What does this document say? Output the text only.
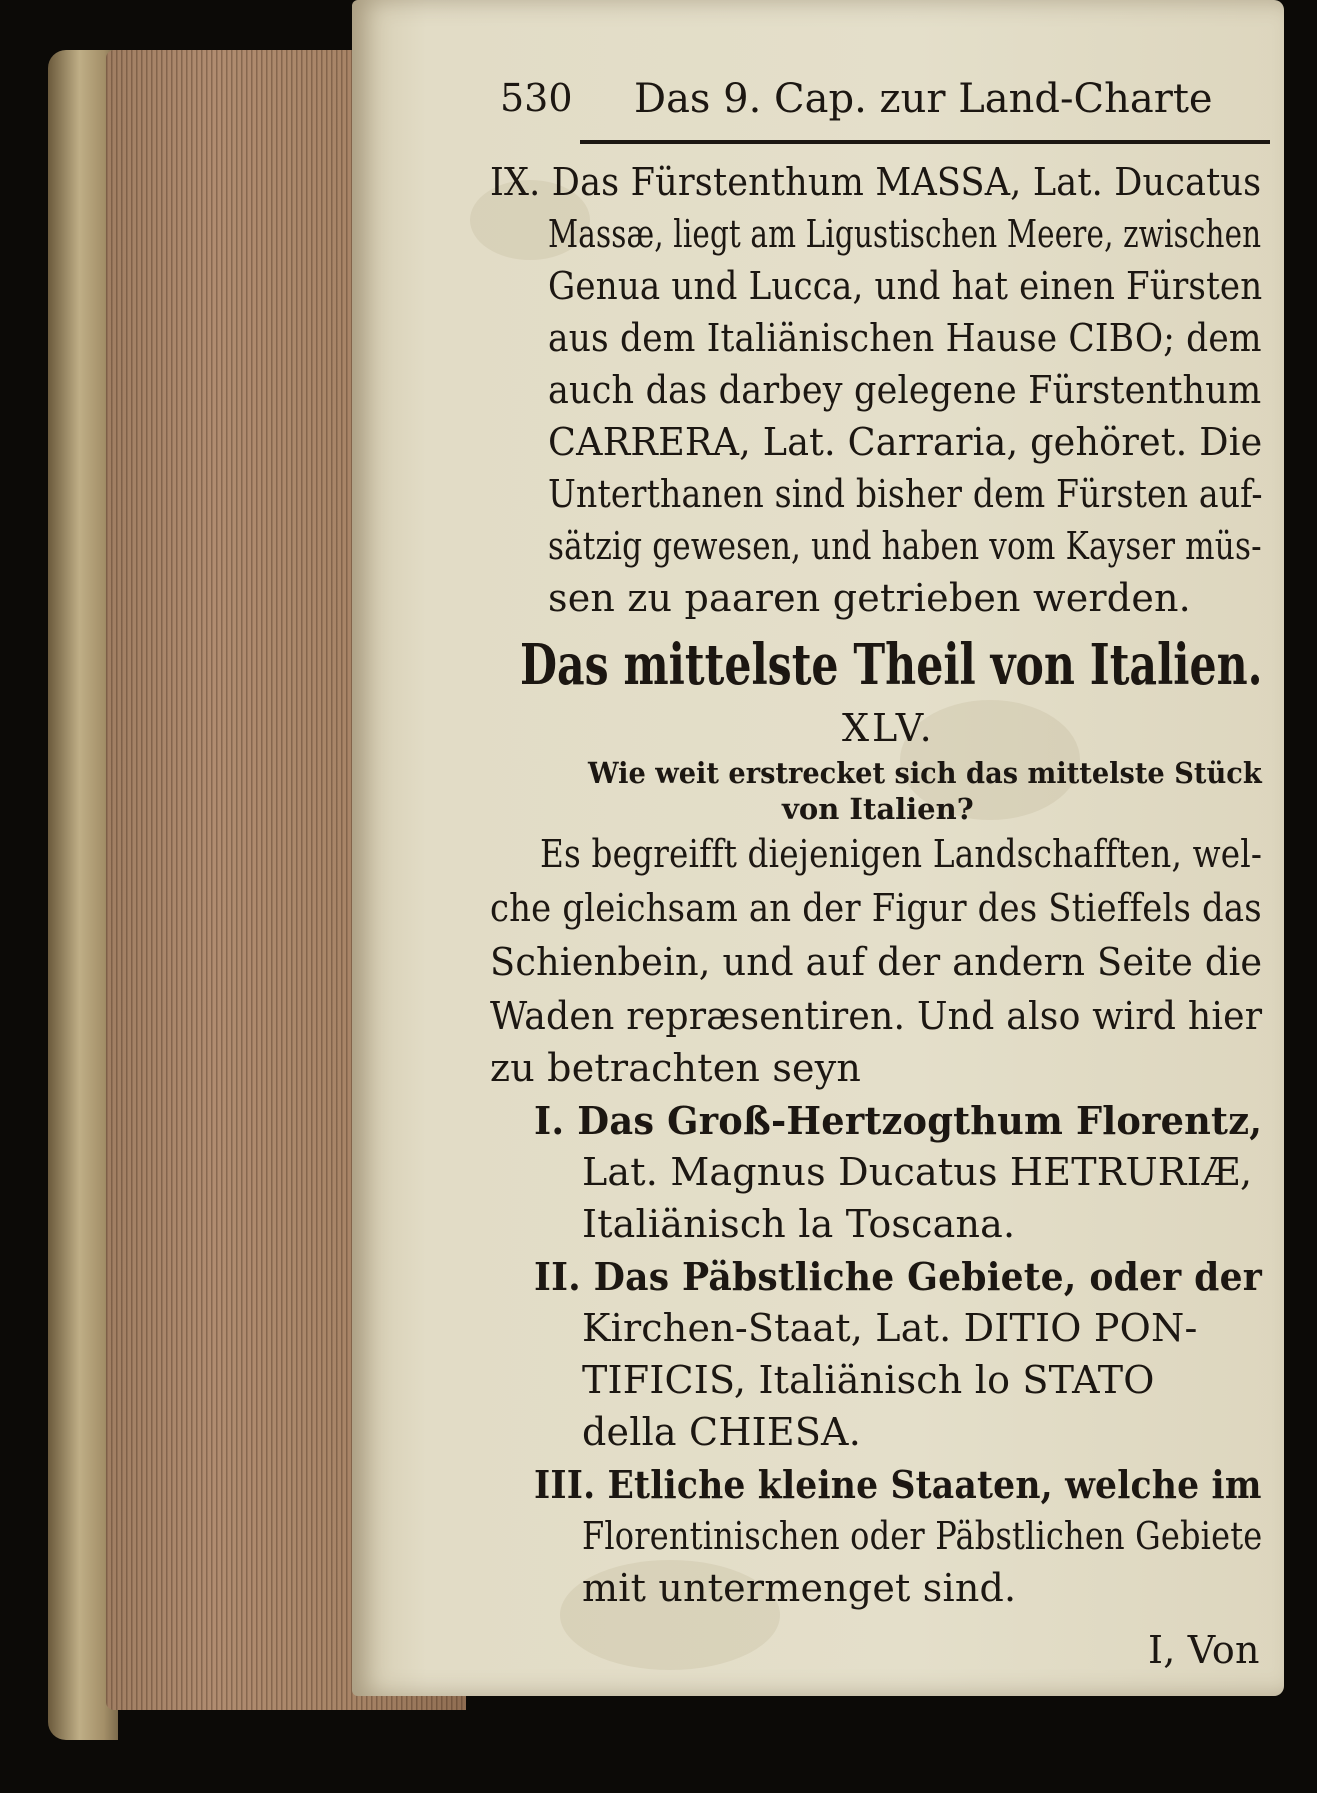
530 Das 9. Cap. zur Land-Charte
IX. Das Fürstenthum MASSA, Lat. Ducatus
Massæ, liegt am Ligustischen Meere, zwischen
Genua und Lucca, und hat einen Fürsten
aus dem Italiänischen Hause CIBO; dem
auch das darbey gelegene Fürstenthum
CARRERA, Lat. Carraria, gehöret. Die
Unterthanen sind bisher dem Fürsten auf-
sätzig gewesen, und haben vom Kayser müs-
sen zu paaren getrieben werden.
Das mittelste Theil von Italien.
XLV.
Wie weit erstrecket sich das mittelste Stück
von Italien?
Es begreifft diejenigen Landschafften, wel-
che gleichsam an der Figur des Stieffels das
Schienbein, und auf der andern Seite die
Waden repræsentiren. Und also wird hier
zu betrachten seyn
I. Das Groß-Hertzogthum Florentz,
Lat. Magnus Ducatus HETRURIÆ,
Italiänisch la Toscana.
II. Das Päbstliche Gebiete, oder der
Kirchen-Staat, Lat. DITIO PON-
TIFICIS, Italiänisch lo STATO
della CHIESA.
III. Etliche kleine Staaten, welche im
Florentinischen oder Päbstlichen Gebiete
mit untermenget sind.
I, Von
